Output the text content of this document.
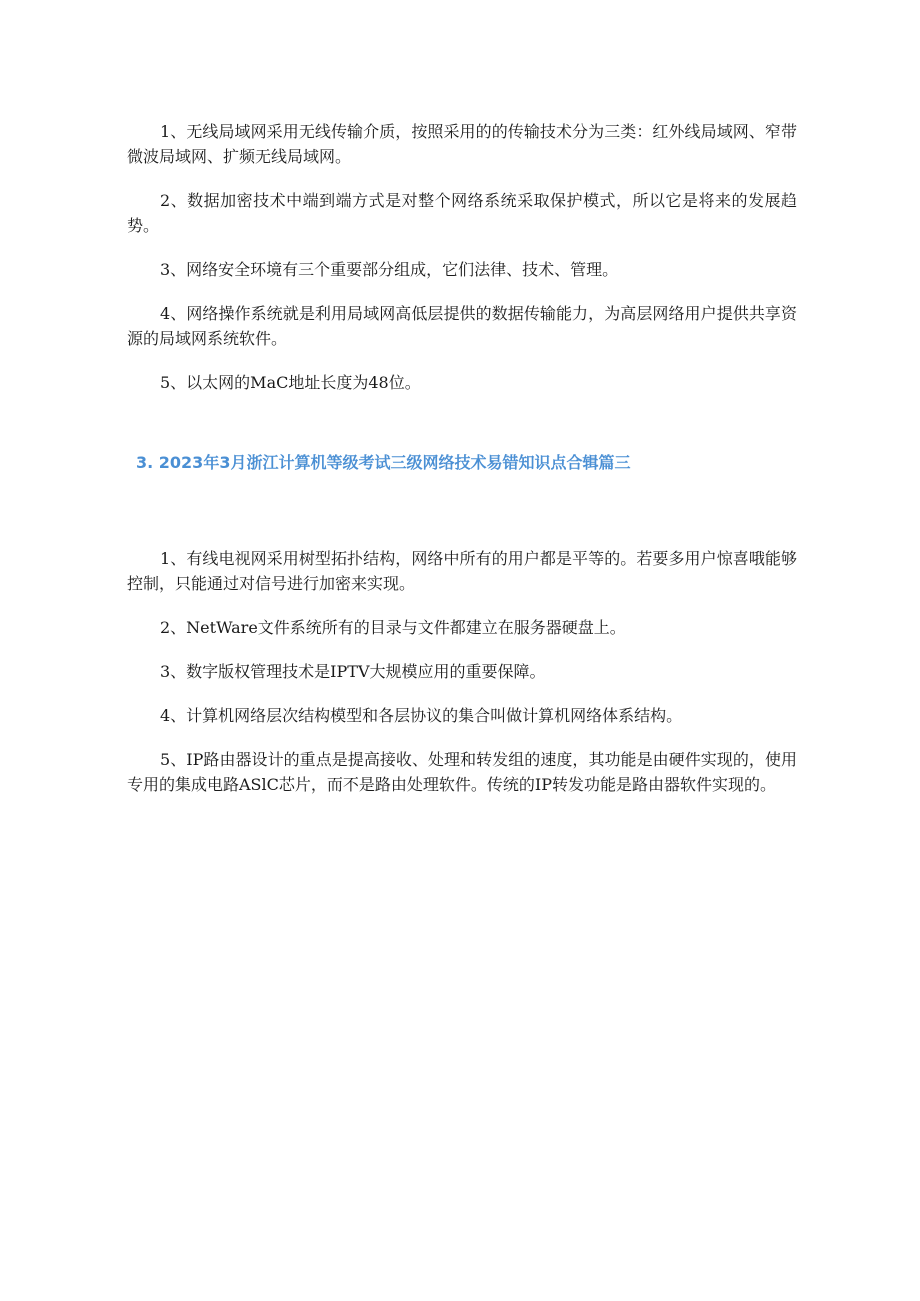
1、无线局域网采用无线传输介质，按照采用的的传输技术分为三类：红外线局域网、窄带微波局域网、扩频无线局域网。

2、数据加密技术中端到端方式是对整个网络系统采取保护模式，所以它是将来的发展趋势。

3、网络安全环境有三个重要部分组成，它们法律、技术、管理。

4、网络操作系统就是利用局域网高低层提供的数据传输能力，为高层网络用户提供共享资源的局域网系统软件。

5、以太网的MaC地址长度为48位。

3. 2023年3月浙江计算机等级考试三级网络技术易错知识点合辑篇三

1、有线电视网采用树型拓扑结构，网络中所有的用户都是平等的。若要多用户惊喜哦能够控制，只能通过对信号进行加密来实现。

2、NetWare文件系统所有的目录与文件都建立在服务器硬盘上。

3、数字版权管理技术是IPTV大规模应用的重要保障。

4、计算机网络层次结构模型和各层协议的集合叫做计算机网络体系结构。

5、IP路由器设计的重点是提高接收、处理和转发组的速度，其功能是由硬件实现的，使用专用的集成电路ASlC芯片，而不是路由处理软件。传统的IP转发功能是路由器软件实现的。
